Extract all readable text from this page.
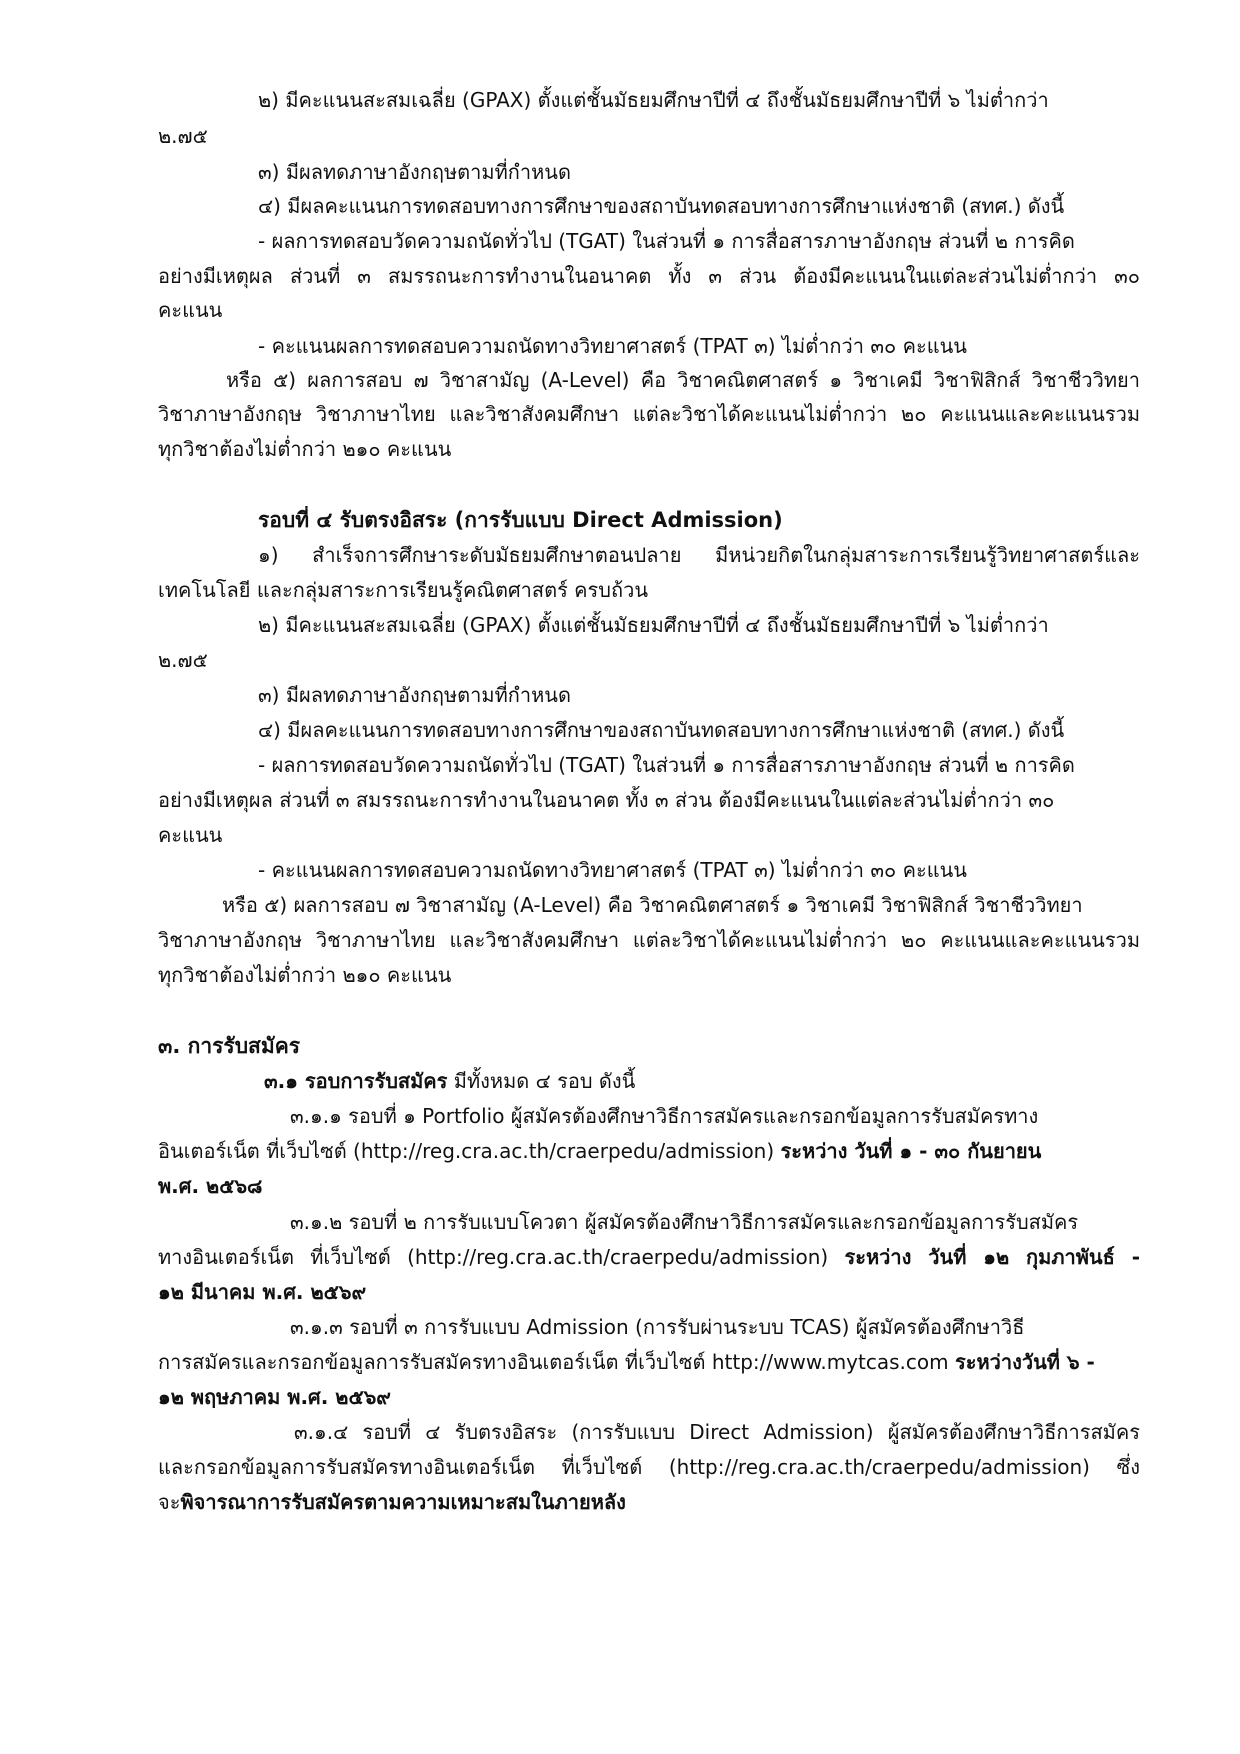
๒) มีคะแนนสะสมเฉลี่ย (GPAX) ตั้งแต่ชั้นมัธยมศึกษาปีที่ ๔ ถึงชั้นมัธยมศึกษาปีที่ ๖ ไม่ต่ำกว่า
๒.๗๕
๓) มีผลทดภาษาอังกฤษตามที่กำหนด
๔) มีผลคะแนนการทดสอบทางการศึกษาของสถาบันทดสอบทางการศึกษาแห่งชาติ (สทศ.) ดังนี้
- ผลการทดสอบวัดความถนัดทั่วไป (TGAT) ในส่วนที่ ๑ การสื่อสารภาษาอังกฤษ ส่วนที่ ๒ การคิด
อย่างมีเหตุผล ส่วนที่ ๓ สมรรถนะการทำงานในอนาคต ทั้ง ๓ ส่วน ต้องมีคะแนนในแต่ละส่วนไม่ต่ำกว่า ๓๐
คะแนน
- คะแนนผลการทดสอบความถนัดทางวิทยาศาสตร์ (TPAT ๓) ไม่ต่ำกว่า ๓๐ คะแนน
หรือ ๕) ผลการสอบ ๗ วิชาสามัญ (A-Level) คือ วิชาคณิตศาสตร์ ๑ วิชาเคมี วิชาฟิสิกส์ วิชาชีววิทยา
วิชาภาษาอังกฤษ วิชาภาษาไทย และวิชาสังคมศึกษา แต่ละวิชาได้คะแนนไม่ต่ำกว่า ๒๐ คะแนนและคะแนนรวม
ทุกวิชาต้องไม่ต่ำกว่า ๒๑๐ คะแนน
รอบที่ ๔ รับตรงอิสระ (การรับแบบ Direct Admission)
๑) สำเร็จการศึกษาระดับมัธยมศึกษาตอนปลาย มีหน่วยกิตในกลุ่มสาระการเรียนรู้วิทยาศาสตร์และ
เทคโนโลยี และกลุ่มสาระการเรียนรู้คณิตศาสตร์ ครบถ้วน
๒) มีคะแนนสะสมเฉลี่ย (GPAX) ตั้งแต่ชั้นมัธยมศึกษาปีที่ ๔ ถึงชั้นมัธยมศึกษาปีที่ ๖ ไม่ต่ำกว่า
๒.๗๕
๓) มีผลทดภาษาอังกฤษตามที่กำหนด
๔) มีผลคะแนนการทดสอบทางการศึกษาของสถาบันทดสอบทางการศึกษาแห่งชาติ (สทศ.) ดังนี้
- ผลการทดสอบวัดความถนัดทั่วไป (TGAT) ในส่วนที่ ๑ การสื่อสารภาษาอังกฤษ ส่วนที่ ๒ การคิด
อย่างมีเหตุผล ส่วนที่ ๓ สมรรถนะการทำงานในอนาคต ทั้ง ๓ ส่วน ต้องมีคะแนนในแต่ละส่วนไม่ต่ำกว่า ๓๐
คะแนน
- คะแนนผลการทดสอบความถนัดทางวิทยาศาสตร์ (TPAT ๓) ไม่ต่ำกว่า ๓๐ คะแนน
หรือ ๕) ผลการสอบ ๗ วิชาสามัญ (A-Level) คือ วิชาคณิตศาสตร์ ๑ วิชาเคมี วิชาฟิสิกส์ วิชาชีววิทยา
วิชาภาษาอังกฤษ วิชาภาษาไทย และวิชาสังคมศึกษา แต่ละวิชาได้คะแนนไม่ต่ำกว่า ๒๐ คะแนนและคะแนนรวม
ทุกวิชาต้องไม่ต่ำกว่า ๒๑๐ คะแนน
๓. การรับสมัคร
๓.๑ รอบการรับสมัคร มีทั้งหมด ๔ รอบ ดังนี้
๓.๑.๑ รอบที่ ๑ Portfolio ผู้สมัครต้องศึกษาวิธีการสมัครและกรอกข้อมูลการรับสมัครทาง
อินเตอร์เน็ต ที่เว็บไซต์ (http://reg.cra.ac.th/craerpedu/admission) ระหว่าง วันที่ ๑ - ๓๐ กันยายน
พ.ศ. ๒๕๖๘
๓.๑.๒ รอบที่ ๒ การรับแบบโควตา ผู้สมัครต้องศึกษาวิธีการสมัครและกรอกข้อมูลการรับสมัคร
ทางอินเตอร์เน็ต ที่เว็บไซต์ (http://reg.cra.ac.th/craerpedu/admission) ระหว่าง วันที่ ๑๒ กุมภาพันธ์ -
๑๒ มีนาคม พ.ศ. ๒๕๖๙
๓.๑.๓ รอบที่ ๓ การรับแบบ Admission (การรับผ่านระบบ TCAS) ผู้สมัครต้องศึกษาวิธี
การสมัครและกรอกข้อมูลการรับสมัครทางอินเตอร์เน็ต ที่เว็บไซต์ http://www.mytcas.com ระหว่างวันที่ ๖ -
๑๒ พฤษภาคม พ.ศ. ๒๕๖๙
๓.๑.๔ รอบที่ ๔ รับตรงอิสระ (การรับแบบ Direct Admission) ผู้สมัครต้องศึกษาวิธีการสมัคร
และกรอกข้อมูลการรับสมัครทางอินเตอร์เน็ต ที่เว็บไซต์ (http://reg.cra.ac.th/craerpedu/admission) ซึ่ง
จะพิจารณาการรับสมัครตามความเหมาะสมในภายหลัง
